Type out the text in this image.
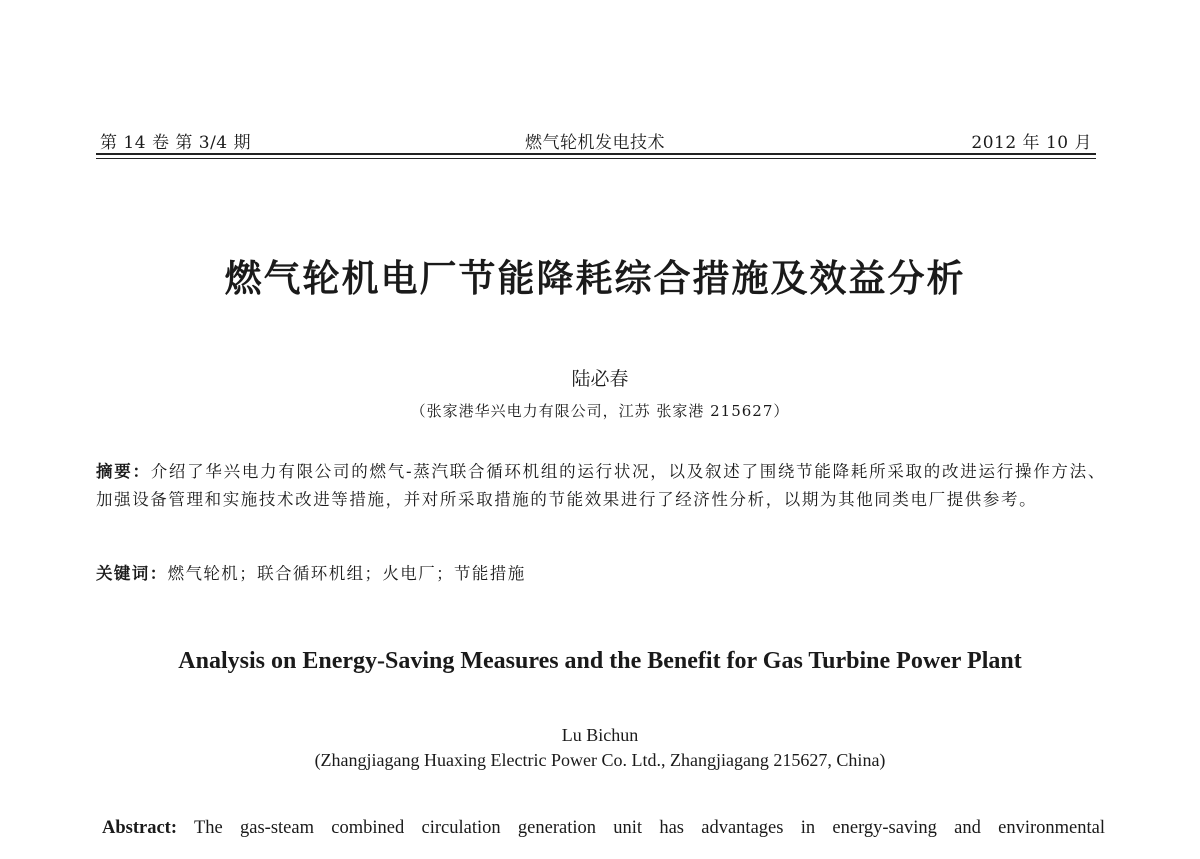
第 14 卷 第 3/4 期	燃气轮机发电技术	2012 年 10 月
燃气轮机电厂节能降耗综合措施及效益分析
陆必春
（张家港华兴电力有限公司，江苏 张家港 215627）
摘要：介绍了华兴电力有限公司的燃气-蒸汽联合循环机组的运行状况，以及叙述了围绕节能降耗所采取的改进运行操作方法、加强设备管理和实施技术改进等措施，并对所采取措施的节能效果进行了经济性分析，以期为其他同类电厂提供参考。
关键词：燃气轮机；联合循环机组；火电厂；节能措施
Analysis on Energy-Saving Measures and the Benefit for Gas Turbine Power Plant
Lu Bichun
(Zhangjiagang Huaxing Electric Power Co. Ltd., Zhangjiagang 215627, China)
Abstract: The gas-steam combined circulation generation unit has advantages in energy-saving and environmental
